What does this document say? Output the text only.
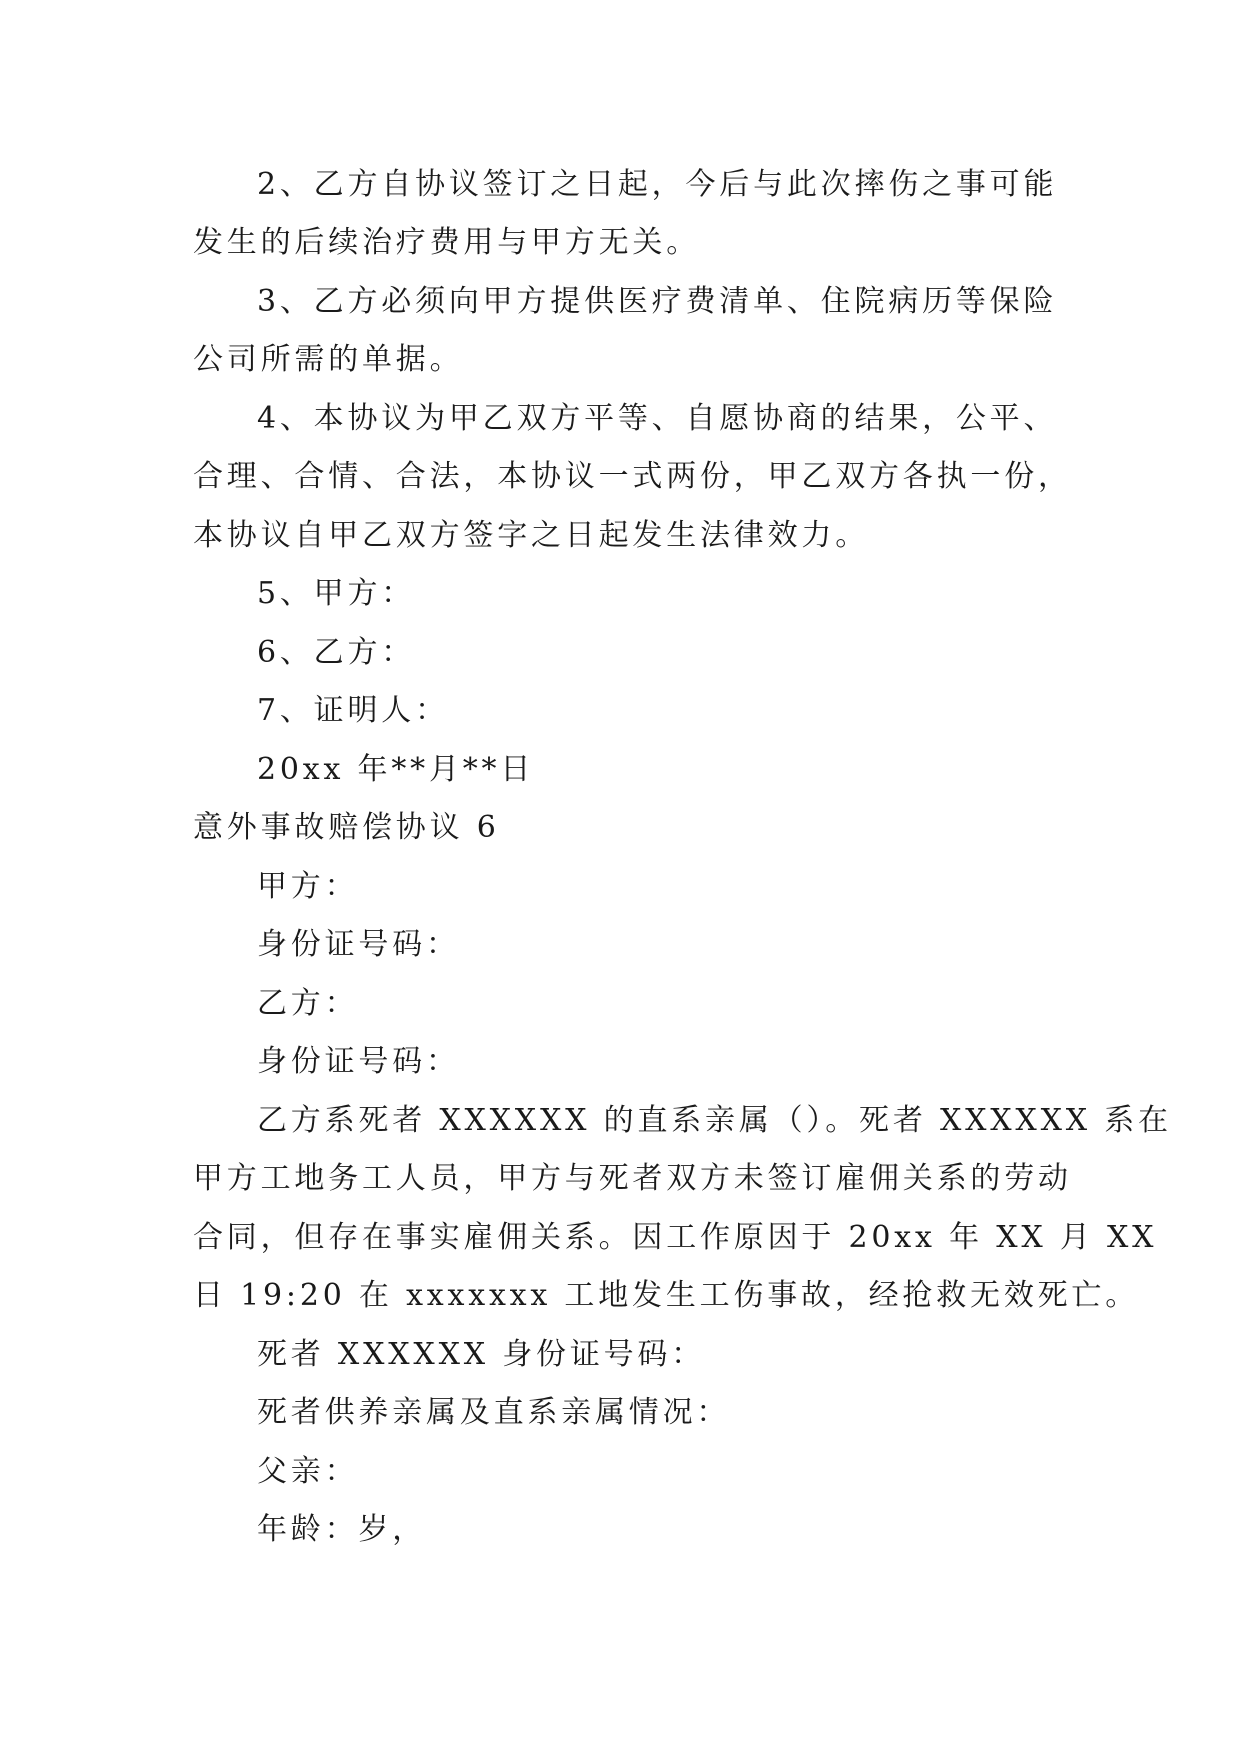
2、乙方自协议签订之日起，今后与此次摔伤之事可能
发生的后续治疗费用与甲方无关。
3、乙方必须向甲方提供医疗费清单、住院病历等保险
公司所需的单据。
4、本协议为甲乙双方平等、自愿协商的结果，公平、
合理、合情、合法，本协议一式两份，甲乙双方各执一份，
本协议自甲乙双方签字之日起发生法律效力。
5、甲方：
6、乙方：
7、证明人：
20xx 年**月**日
意外事故赔偿协议 6
甲方：
身份证号码：
乙方：
身份证号码：
乙方系死者 XXXXXX 的直系亲属（）。死者 XXXXXX 系在
甲方工地务工人员，甲方与死者双方未签订雇佣关系的劳动
合同，但存在事实雇佣关系。因工作原因于 20xx 年 XX 月 XX
日 19:20 在 xxxxxxx 工地发生工伤事故，经抢救无效死亡。
死者 XXXXXX 身份证号码：
死者供养亲属及直系亲属情况：
父亲：
年龄：岁，
